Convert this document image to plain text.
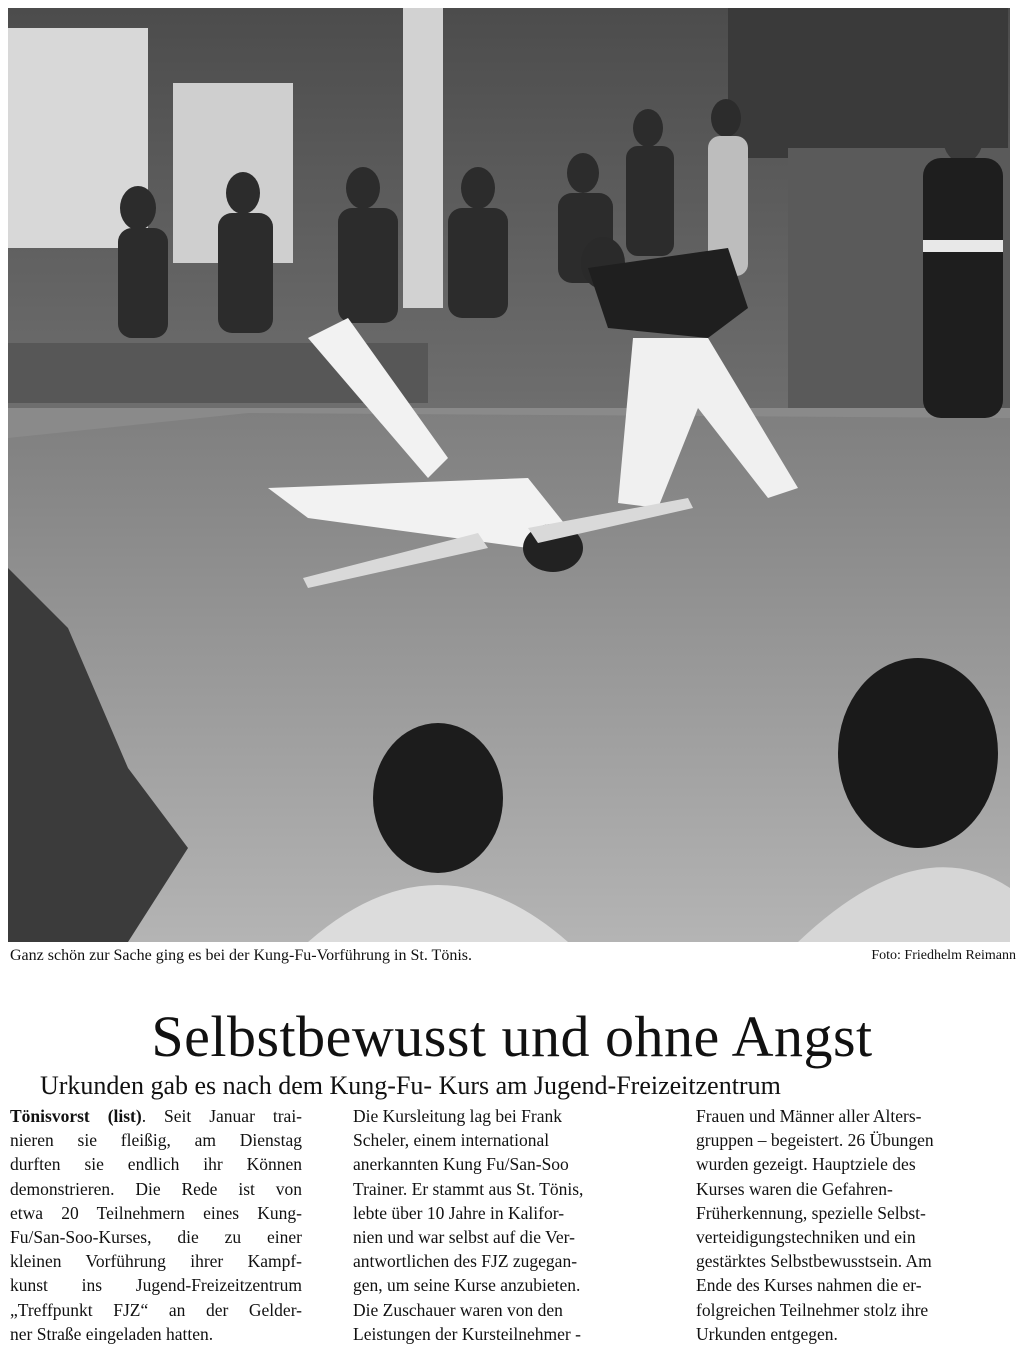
Ganz schön zur Sache ging es bei der Kung-Fu-Vorführung in St. Tönis.	Foto: Friedhelm Reimann
Selbstbewusst und ohne Angst
Urkunden gab es nach dem Kung-Fu- Kurs am Jugend-Freizeitzentrum
Tönisvorst (list). Seit Januar trai-
nieren sie fleißig, am Dienstag
durften sie endlich ihr Können
demonstrieren. Die Rede ist von
etwa 20 Teilnehmern eines Kung-
Fu/San-Soo-Kurses, die zu einer
kleinen Vorführung ihrer Kampf-
kunst ins Jugend-Freizeitzentrum
„Treffpunkt FJZ“ an der Gelder-
ner Straße eingeladen hatten.
Die Kursleitung lag bei Frank
Scheler, einem international
anerkannten Kung Fu/San-Soo
Trainer. Er stammt aus St. Tönis,
lebte über 10 Jahre in Kalifor-
nien und war selbst auf die Ver-
antwortlichen des FJZ zugegan-
gen, um seine Kurse anzubieten.
Die Zuschauer waren von den
Leistungen der Kursteilnehmer -
Frauen und Männer aller Alters-
gruppen – begeistert. 26 Übungen
wurden gezeigt. Hauptziele des
Kurses waren die Gefahren-
Früherkennung, spezielle Selbst-
verteidigungstechniken und ein
gestärktes Selbstbewusstsein. Am
Ende des Kurses nahmen die er-
folgreichen Teilnehmer stolz ihre
Urkunden entgegen.
